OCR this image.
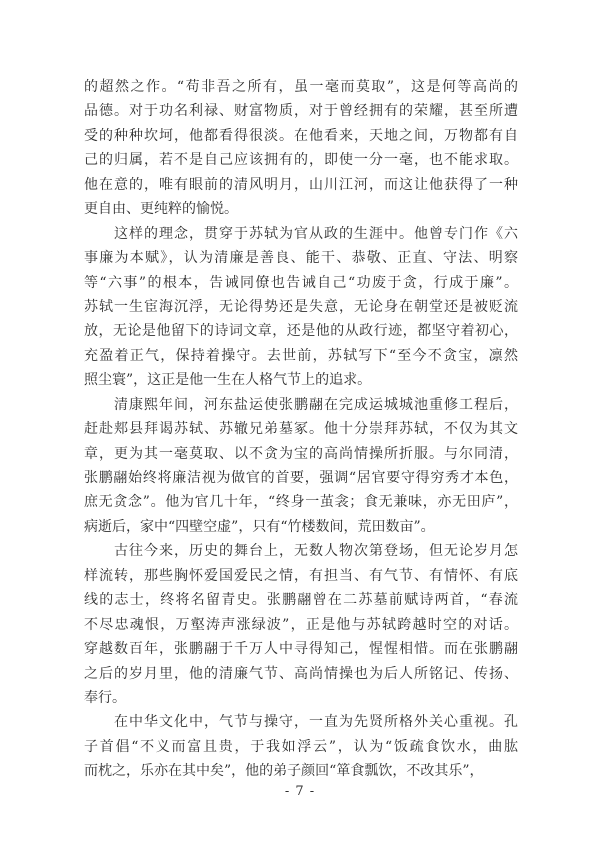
的超然之作。“苟非吾之所有，虽一毫而莫取”，这是何等高尚的
品德。对于功名利禄、财富物质，对于曾经拥有的荣耀，甚至所遭
受的种种坎坷，他都看得很淡。在他看来，天地之间，万物都有自
己的归属，若不是自己应该拥有的，即使一分一毫，也不能求取。
他在意的，唯有眼前的清风明月，山川江河，而这让他获得了一种
更自由、更纯粹的愉悦。
这样的理念，贯穿于苏轼为官从政的生涯中。他曾专门作《六
事廉为本赋》，认为清廉是善良、能干、恭敬、正直、守法、明察
等“六事”的根本，告诫同僚也告诫自己“功废于贪，行成于廉”。
苏轼一生宦海沉浮，无论得势还是失意，无论身在朝堂还是被贬流
放，无论是他留下的诗词文章，还是他的从政行迹，都坚守着初心，
充盈着正气，保持着操守。去世前，苏轼写下“至今不贪宝，凛然
照尘寰”，这正是他一生在人格气节上的追求。
清康熙年间，河东盐运使张鹏翮在完成运城城池重修工程后，
赶赴郏县拜谒苏轼、苏辙兄弟墓冢。他十分崇拜苏轼，不仅为其文
章，更为其一毫莫取、以不贪为宝的高尚情操所折服。与尔同清，
张鹏翮始终将廉洁视为做官的首要，强调“居官要守得穷秀才本色，
庶无贪念”。他为官几十年，“终身一茧衾；食无兼味，亦无田庐”，
病逝后，家中“四壁空虚”，只有“竹楼数间，荒田数亩”。
古往今来，历史的舞台上，无数人物次第登场，但无论岁月怎
样流转，那些胸怀爱国爱民之情，有担当、有气节、有情怀、有底
线的志士，终将名留青史。张鹏翮曾在二苏墓前赋诗两首，“春流
不尽忠魂恨，万壑涛声涨绿波”，正是他与苏轼跨越时空的对话。
穿越数百年，张鹏翮于千万人中寻得知己，惺惺相惜。而在张鹏翮
之后的岁月里，他的清廉气节、高尚情操也为后人所铭记、传扬、
奉行。
在中华文化中，气节与操守，一直为先贤所格外关心重视。孔
子首倡“不义而富且贵，于我如浮云”，认为“饭疏食饮水，曲肱
而枕之，乐亦在其中矣”，他的弟子颜回“箪食瓢饮，不改其乐”，
- 7 -
